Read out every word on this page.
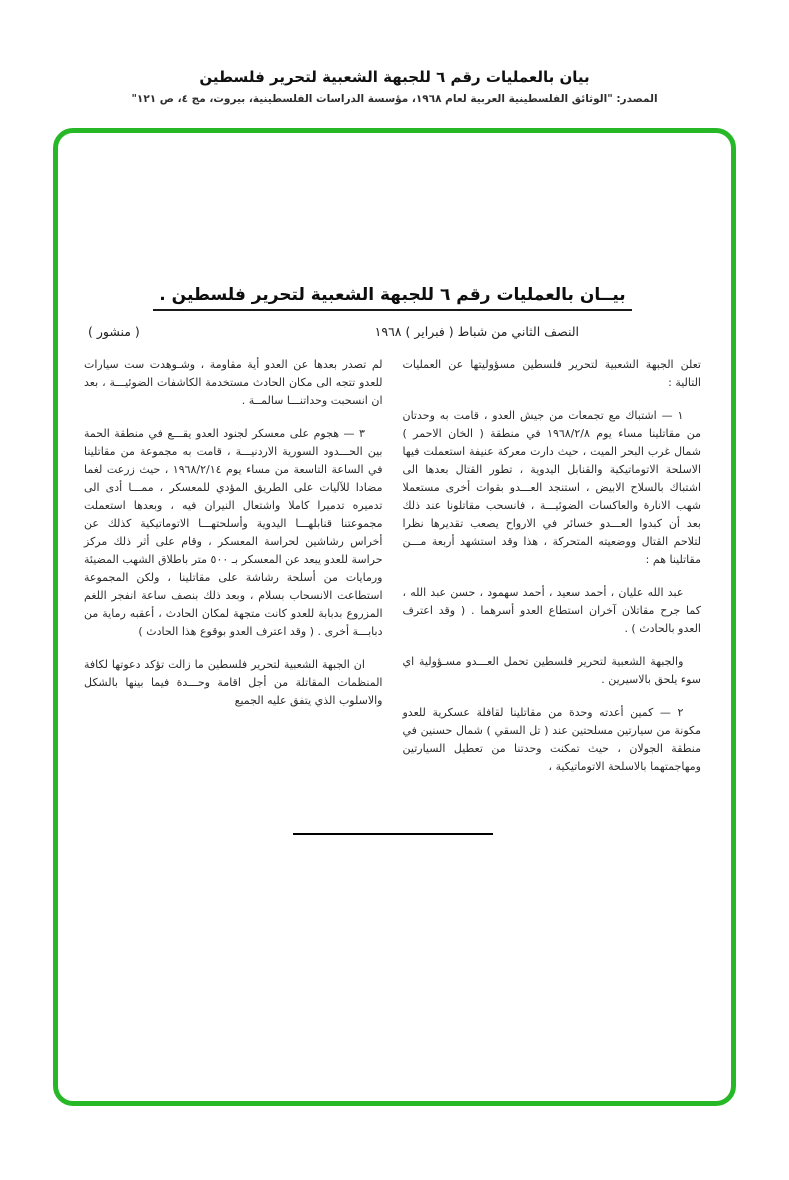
بيان بالعمليات رقم ٦ للجبهة الشعبية لتحرير فلسطين
المصدر: "الوثائق الفلسطينية العربية لعام ١٩٦٨، مؤسسة الدراسات الفلسطينية، بيروت، مج ٤، ص ١٢١"
بيــان بالعمليات رقم ٦ للجبهة الشعبية لتحرير فلسطين .
النصف الثاني من شباط ( فبراير ) ١٩٦٨
( منشور )

تعلن الجبهة الشعبية لتحرير فلسطين مسؤوليتها عن العمليات التالية :

١ — اشتباك مع تجمعات من جيش العدو ، قامت به وحدتان من مقاتلينا مساء يوم ١٩٦٨/٢/٨ في منطقة ( الخان الاحمر ) شمال غرب البحر الميت ، حيث دارت معركة عنيفة استعملت فيها الاسلحة الاتوماتيكية والقنابل اليدوية ، تطور القتال بعدها الى اشتباك بالسلاح الابيض ، استنجد العـــدو بقوات أخرى مستعملا شهب الانارة والعاكسات الضوئيـــة ، فانسحب مقاتلونا عند ذلك بعد أن كبدوا العـــدو خسائر في الارواح يصعب تقديرها نظرا لتلاحم القتال ووضعيته المتحركة ، هذا وقد استشهد أربعة مـــن مقاتلينا هم :

عبد الله عليان ، أحمد سعيد ، أحمد سهمود ، حسن عبد الله ، كما جرح مقاتلان آخران استطاع العدو أسرهما . ( وقد اعترف العدو بالحادث ) .

والجبهة الشعبية لتحرير فلسطين تحمل العـــدو مسـؤولية اي سوء يلحق بالاسيرين .

٢ — كمين أعدته وحدة من مقاتلينا لقافلة عسكرية للعدو مكونة من سيارتين مسلحتين عند ( تل السقي ) شمال حسنين في منطقة الجولان ، حيث تمكنت وحدتنا من تعطيل السيارتين ومهاجمتهما بالاسلحة الاتوماتيكية ،

لم تصدر بعدها عن العدو أية مقاومة ، وشـوهدت ست سيارات للعدو تتجه الى مكان الحادث مستخدمة الكاشفات الضوئيـــة ، بعد ان انسحبت وحداتنـــا سالمــة .

٣ — هجوم على معسكر لجنود العدو يقـــع في منطقة الحمة بين الحـــدود السورية الاردنيـــة ، قامت به مجموعة من مقاتلينا في الساعة التاسعة من مساء يوم ١٩٦٨/٢/١٤ ، حيث زرعت لغما مضادا للآليات على الطريق المؤدي للمعسكر ، ممـــا أدى الى تدميره تدميرا كاملا واشتعال النيران فيه ، وبعدها استعملت مجموعتنا قنابلهـــا اليدوية وأسلحتهـــا الاتوماتيكية كذلك عن أخراس رشاشين لحراسة المعسكر ، وقام على أثر ذلك مركز حراسة للعدو يبعد عن المعسكر بـ ٥٠٠ متر باطلاق الشهب المضيئة ورمايات من أسلحة رشاشة على مقاتلينا ، ولكن المجموعة استطاعت الانسحاب بسلام ، وبعد ذلك بنصف ساعة انفجر اللغم المزروع بدبابة للعدو كانت متجهة لمكان الحادث ، أعقبه رماية من دبابـــة أخرى . ( وقد اعترف العدو بوقوع هذا الحادث )

ان الجبهة الشعبية لتحرير فلسطين ما زالت تؤكد دعوتها لكافة المنظمات المقاتلة من أجل اقامة وحـــدة فيما بينها بالشكل والاسلوب الذي يتفق عليه الجميع
